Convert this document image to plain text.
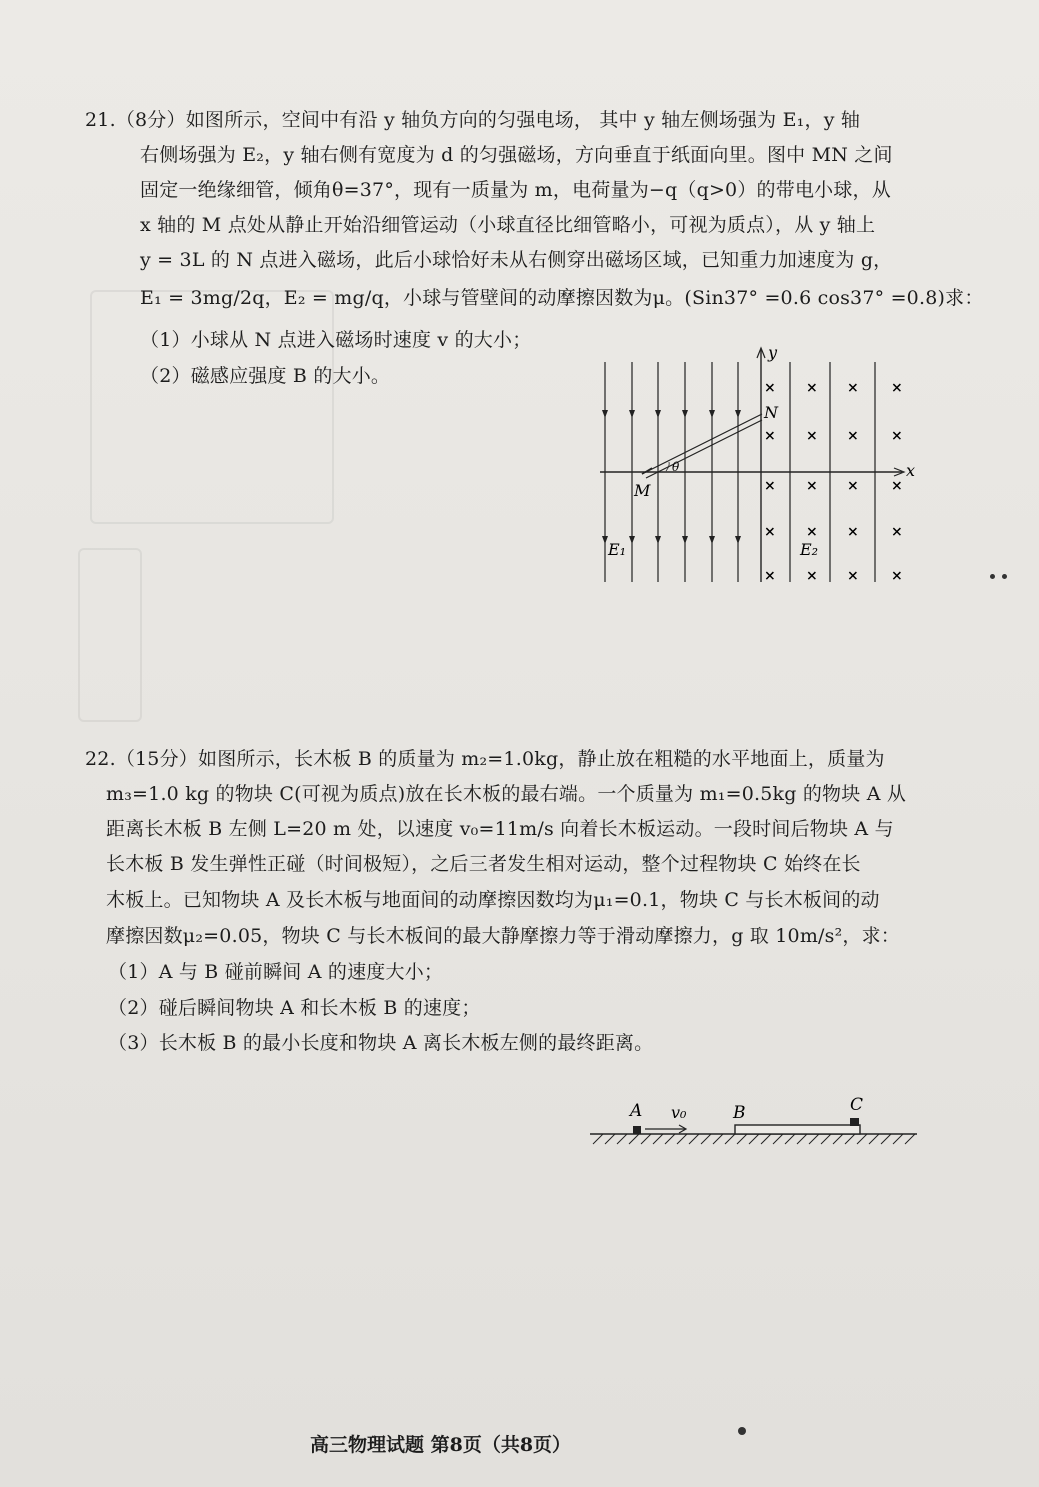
21.（8分）如图所示，空间中有沿 y 轴负方向的匀强电场， 其中 y 轴左侧场强为 E₁，y 轴
右侧场强为 E₂，y 轴右侧有宽度为 d 的匀强磁场，方向垂直于纸面向里。图中 MN 之间
固定一绝缘细管，倾角θ=37°，现有一质量为 m，电荷量为−q（q>0）的带电小球，从
x 轴的 M 点处从静止开始沿细管运动（小球直径比细管略小，可视为质点），从 y 轴上
y = 3L 的 N 点进入磁场，此后小球恰好未从右侧穿出磁场区域，已知重力加速度为 g，
E₁ = 3mg/2q，E₂ = mg/q，小球与管壁间的动摩擦因数为μ。(Sin37° =0.6 cos37° =0.8)求：
（1）小球从 N 点进入磁场时速度 v 的大小；
（2）磁感应强度 B 的大小。
y
x
θ
N
M
E₁	E₂
× × × ×
× × × ×
× × × ×
× × × ×
× × × ×
22.（15分）如图所示，长木板 B 的质量为 m₂=1.0kg，静止放在粗糙的水平地面上，质量为
m₃=1.0 kg 的物块 C(可视为质点)放在长木板的最右端。一个质量为 m₁=0.5kg 的物块 A 从
距离长木板 B 左侧 L=20 m 处，以速度 v₀=11m/s 向着长木板运动。一段时间后物块 A 与
长木板 B 发生弹性正碰（时间极短），之后三者发生相对运动，整个过程物块 C 始终在长
木板上。已知物块 A 及长木板与地面间的动摩擦因数均为μ₁=0.1，物块 C 与长木板间的动
摩擦因数μ₂=0.05，物块 C 与长木板间的最大静摩擦力等于滑动摩擦力，g 取 10m/s²，求：
（1）A 与 B 碰前瞬间 A 的速度大小；
（2）碰后瞬间物块 A 和长木板 B 的速度；
（3）长木板 B 的最小长度和物块 A 离长木板左侧的最终距离。
A v₀	B	C
高三物理试题 第8页（共8页）
